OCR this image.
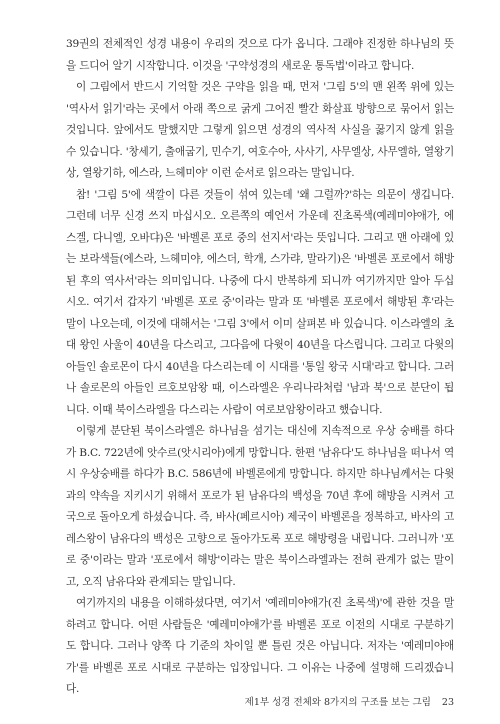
39권의 전체적인 성경 내용이 우리의 것으로 다가 옵니다. 그래야 진정한 하나님의 뜻을 드디어 알기 시작합니다. 이것을 '구약성경의 새로운 통독법'이라고 합니다.

이 그림에서 반드시 기억할 것은 구약을 읽을 때, 먼저 '그림 5'의 맨 왼쪽 위에 있는 '역사서 읽기'라는 곳에서 아래 쪽으로 굵게 그어진 빨간 화살표 방향으로 묶어서 읽는 것입니다. 앞에서도 말했지만 그렇게 읽으면 성경의 역사적 사실을 꿇기지 않게 읽을 수 있습니다. '창세기, 출애굽기, 민수기, 여호수아, 사사기, 사무엘상, 사무엘하, 열왕기상, 열왕기하, 에스라, 느헤미야' 이런 순서로 읽으라는 말입니다.

참! '그림 5'에 색깔이 다른 것들이 섞여 있는데 '왜 그럴까?'하는 의문이 생깁니다. 그런데 너무 신경 쓰지 마십시오. 오른쪽의 예언서 가운데 진초록색(예레미야애가, 에스겔, 다니엘, 오바댜)은 '바벨론 포로 중의 선지서'라는 뜻입니다. 그리고 맨 아래에 있는 보라색들(에스라, 느헤미야, 에스더, 학개, 스가랴, 말라기)은 '바벨론 포로에서 해방된 후의 역사서'라는 의미입니다. 나중에 다시 반복하게 되니까 여기까지만 알아 두십시오. 여기서 갑자기 '바벨론 포로 중'이라는 말과 또 '바벨론 포로에서 해방된 후'라는 말이 나오는데, 이것에 대해서는 '그림 3'에서 이미 살펴본 바 있습니다. 이스라엘의 초대 왕인 사울이 40년을 다스리고, 그다음에 다윗이 40년을 다스립니다. 그리고 다윗의 아들인 솔로몬이 다시 40년을 다스리는데 이 시대를 '통일 왕국 시대'라고 합니다. 그러나 솔로몬의 아들인 르호보암왕 때, 이스라엘은 우리나라처럼 '남과 북'으로 분단이 됩니다. 이때 북이스라엘을 다스리는 사람이 여로보암왕이라고 했습니다.

이렇게 분단된 북이스라엘은 하나님을 섬기는 대신에 지속적으로 우상 숭배를 하다가 B.C. 722년에 앗수르(앗시리아)에게 망합니다. 한편 '남유다'도 하나님을 떠나서 역시 우상숭배를 하다가 B.C. 586년에 바벨론에게 망합니다. 하지만 하나님께서는 다윗과의 약속을 지키시기 위해서 포로가 된 남유다의 백성을 70년 후에 해방을 시켜서 고국으로 돌아오게 하셨습니다. 즉, 바사(페르시아) 제국이 바벨론을 정복하고, 바사의 고레스왕이 남유다의 백성은 고향으로 돌아가도록 포로 해방령을 내립니다. 그러니까 '포로 중'이라는 말과 '포로에서 해방'이라는 말은 북이스라엘과는 전혀 관계가 없는 말이고, 오직 남유다와 관계되는 말입니다.

여기까지의 내용을 이해하셨다면, 여기서 '예레미야애가(진 초록색)'에 관한 것을 말하려고 합니다. 어떤 사람들은 '예레미야애가'를 바벨론 포로 이전의 시대로 구분하기도 합니다. 그러나 양쪽 다 기준의 차이일 뿐 틀린 것은 아닙니다. 저자는 '예레미야애가'를 바벨론 포로 시대로 구분하는 입장입니다. 그 이유는 나중에 설명해 드리겠습니다.

제1부 성경 전체와 8가지의 구조를 보는 그림 23
